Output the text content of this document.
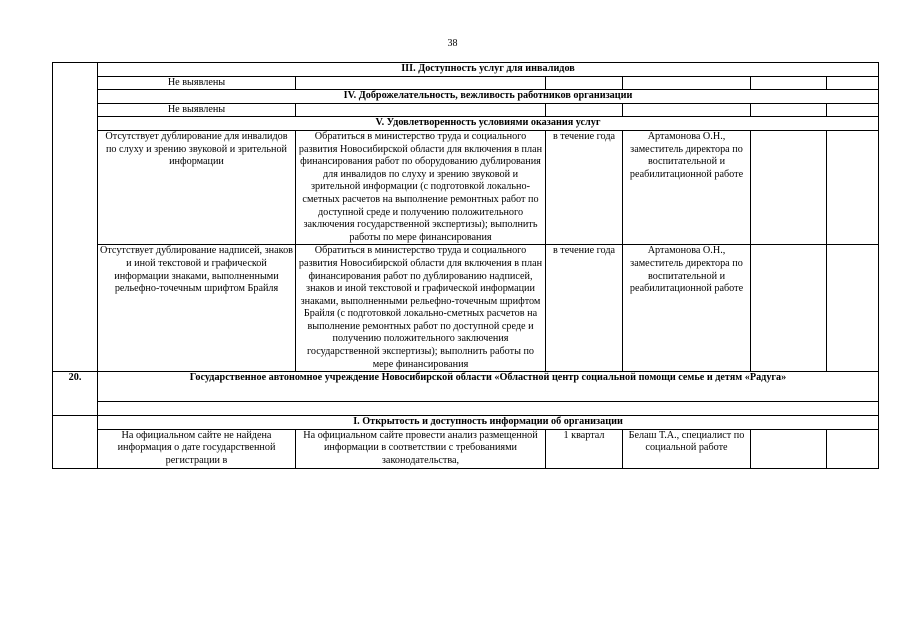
38
	III. Доступность услуг для инвалидов					
	Не выявлены					
	IV. Доброжелательность, вежливость работников организации					
	Не выявлены					
	V. Удовлетворенность условиями оказания услуг					
	Отсутствует дублирование для инвалидов по слуху и зрению звуковой и зрительной информации	Обратиться в министерство труда и социального развития Новосибирской области для включения в план финансирования работ по оборудованию дублирования для инвалидов по слуху и зрению звуковой и зрительной информации (с подготовкой локально-сметных расчетов на выполнение ремонтных работ по доступной среде и получению положительного заключения государственной экспертизы); выполнить работы по мере финансирования	в течение года	Артамонова О.Н., заместитель директора по воспитательной и реабилитационной работе		
	Отсутствует дублирование надписей, знаков и иной текстовой и графической информации знаками, выполненными рельефно-точечным шрифтом Брайля	Обратиться в министерство труда и социального развития Новосибирской области для включения в план финансирования работ по дублированию надписей, знаков и иной текстовой и графической информации знаками, выполненными рельефно-точечным шрифтом Брайля (с подготовкой локально-сметных расчетов на выполнение ремонтных работ по доступной среде и получению положительного заключения государственной экспертизы); выполнить работы по мере финансирования	в течение года	Артамонова О.Н., заместитель директора по воспитательной и реабилитационной работе		
20.	Государственное автономное учреждение Новосибирской области «Областной центр социальной помощи семье и детям «Радуга»					

	I. Открытость и доступность информации об организации					
	На официальном сайте не найдена информация о дате государственной регистрации в	На официальном сайте провести анализ размещенной информации в соответствии с требованиями законодательства,	1 квартал	Белаш Т.А., специалист по социальной работе		
